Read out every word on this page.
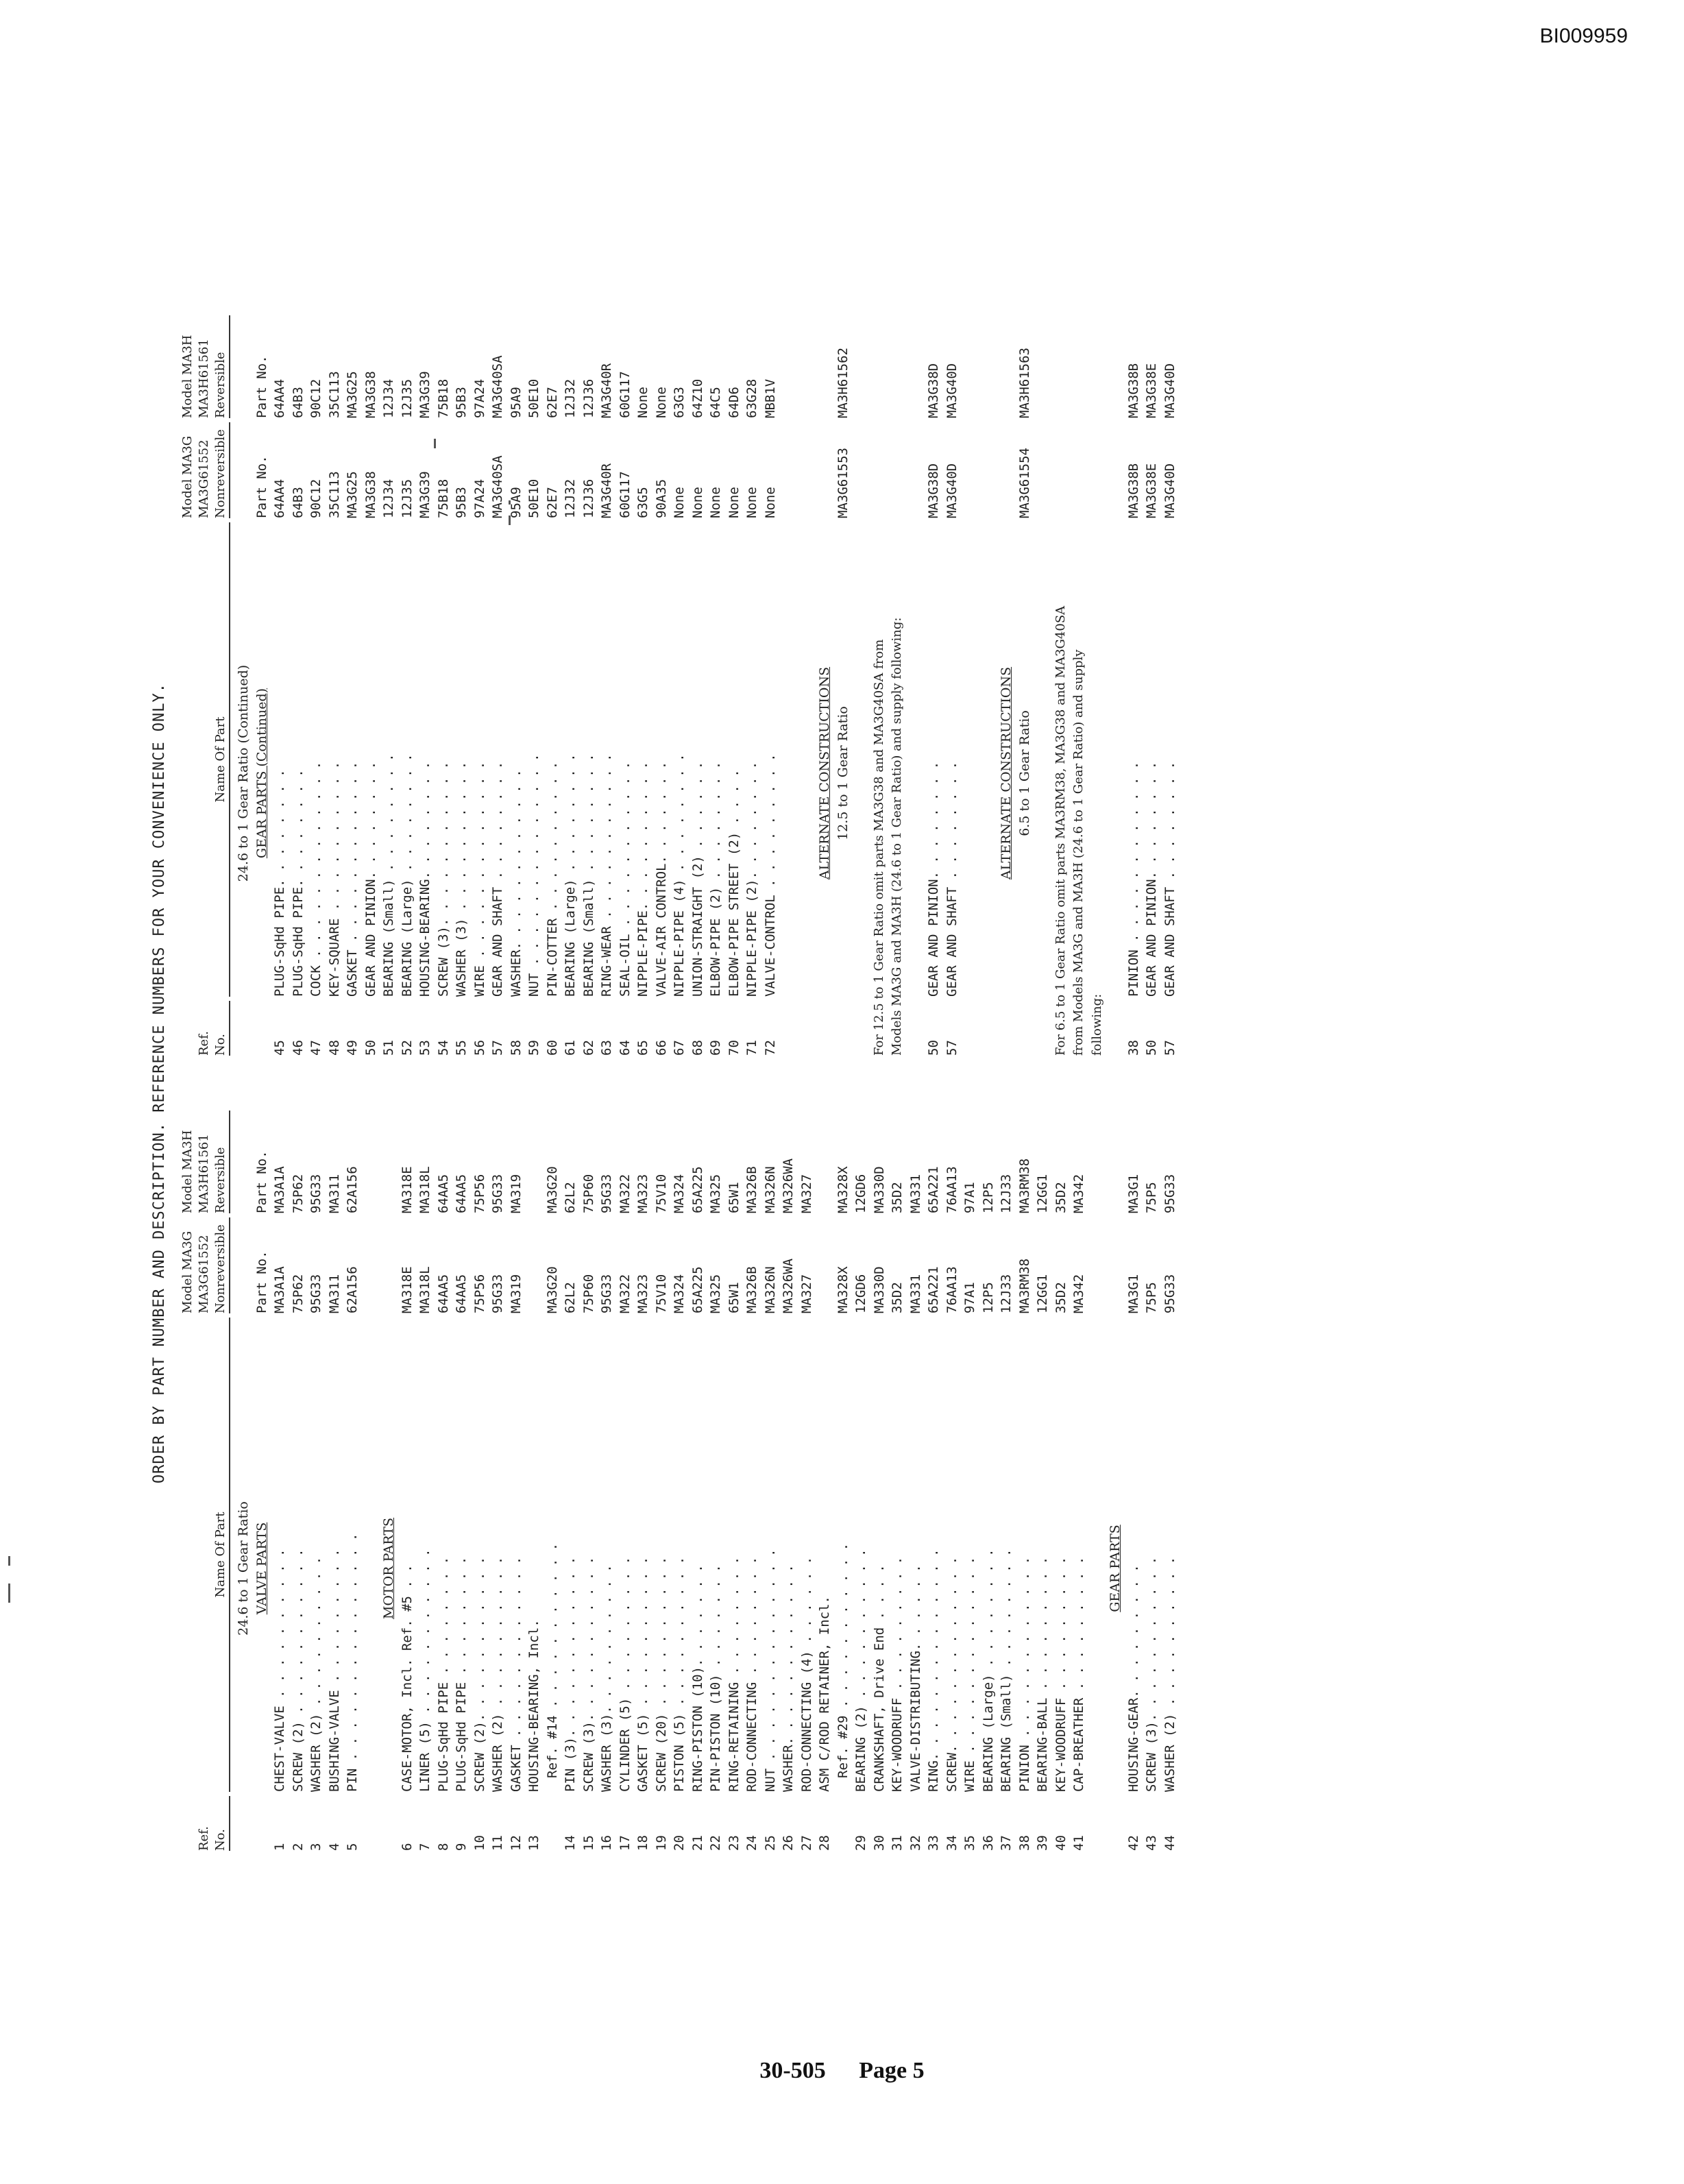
BI009959
ORDER BY PART NUMBER AND DESCRIPTION. REFERENCE NUMBERS FOR YOUR CONVENIENCE ONLY.
Ref. No.
Name Of Part
Model MA3G MA3G61552 Nonreversible
Model MA3H MA3H61561 Reversible
24.6 to 1 Gear Ratio VALVE PARTS
Part No.
Part No.
1
CHEST-VALVE . . . . . . . . . .
MA3A1A
MA3A1A
2
SCREW (2) . . . . . . . . . . .
75P62
75P62
3
WASHER (2) . . . . . . . . . .
95G33
95G33
4
BUSHING-VALVE . . . . . . . . .
MA311
MA311
5
PIN . . . . . . . . . . . . . . .
62A156
62A156
MOTOR PARTS
6
CASE-MOTOR, Incl. Ref. #5 . .
MA318E
MA318E
7
LINER (5) . . . . . . . . . . .
MA318L
MA318L
8
PLUG-SqHd PIPE . . . . . . . .
64AA5
64AA5
9
PLUG-SqHd PIPE . . . . . . . .
64AA5
64AA5
10
SCREW (2). . . . . . . . . . .
75P56
75P56
11
WASHER (2) . . . . . . . . . .
95G33
95G33
12
GASKET . . . . . . . . . . . .
MA319
MA319
13
HOUSING-BEARING, Incl. Ref. #14 . . . . . . . . . . .
MA3G20
MA3G20
14
PIN (3). . . . . . . . . . . .
62L2
62L2
15
SCREW (3). . . . . . . . . . .
75P60
75P60
16
WASHER (3). . . . . . . . . .
95G33
95G33
17
CYLINDER (5) . . . . . . . . .
MA322
MA322
18
GASKET (5) . . . . . . . . . .
MA323
MA323
19
SCREW (20) . . . . . . . . . .
75V10
75V10
20
PISTON (5) . . . . . . . . . .
MA324
MA324
21
RING-PISTON (10). . . . . . .
65A225
65A225
22
PIN-PISTON (10) . . . . . . .
MA325
MA325
23
RING-RETAINING . . . . . . . .
65W1
65W1
24
ROD-CONNECTING . . . . . . . .
MA326B
MA326B
25
NUT . . . . . . . . . . . . . .
MA326N
MA326N
26
WASHER. . . . . . . . . . . .
MA326WA
MA326WA
27
ROD-CONNECTING (4) . . . . . .
MA327
MA327
28
ASM C/ROD RETAINER, Incl. Ref. #29 . . . . . . . . . . .
MA328X
MA328X
29
BEARING (2) . . . . . . . . . .
12GD6
12GD6
30
CRANKSHAFT, Drive End . . . .
MA330D
MA330D
31
KEY-WOODRUFF . . . . . . . . .
35D2
35D2
32
VALVE-DISTRIBUTING. . . . . .
MA331
MA331
33
RING. . . . . . . . . . . . . .
65A221
65A221
34
SCREW. . . . . . . . . . . . .
76AA13
76AA13
35
WIRE . . . . . . . . . . . . .
97A1
97A1
36
BEARING (Large) . . . . . . . .
12P5
12P5
37
BEARING (Small) . . . . . . . .
12J33
12J33
38
PINION . . . . . . . . . . . .
MA3RM38
MA3RM38
39
BEARING-BALL . . . . . . . . .
12GG1
12GG1
40
KEY-WOODRUFF . . . . . . . . .
35D2
35D2
41
CAP-BREATHER . . . . . . . . .
MA342
MA342
GEAR PARTS
42
HOUSING-GEAR. . . . . . . . .
MA3G1
MA3G1
43
SCREW (3). . . . . . . . . . .
75P5
75P5
44
WASHER (2) . . . . . . . . . .
95G33
95G33
Ref. No.
Name Of Part
Model MA3G MA3G61552 Nonreversible
Model MA3H MA3H61561 Reversible
24.6 to 1 Gear Ratio (Continued) GEAR PARTS (Continued)
Part No.
Part No.
45
PLUG-SqHd PIPE. . . . . . . .
64AA4
64AA4
46
PLUG-SqHd PIPE. . . . . . . .
64B3
64B3
47
COCK . . . . . . . . . . . . .
90C12
90C12
48
KEY-SQUARE . . . . . . . . . .
35C113
35C113
49
GASKET . . . . . . . . . . . .
MA3G25
MA3G25
50
GEAR AND PINION. . . . . . . .
MA3G38
MA3G38
51
BEARING (Small) . . . . . . . .
12J34
12J34
52
BEARING (Large) . . . . . . . .
12J35
12J35
53
HOUSING-BEARING. . . . . . . .
MA3G39
MA3G39
54
SCREW (3). . . . . . . . . . .
75B18
75B18
55
WASHER (3) . . . . . . . . . .
95B3
95B3
56
WIRE . . . . . . . . . . . . .
97A24
97A24
57
GEAR AND SHAFT . . . . . . . .
MA3G40SA
MA3G40SA
58
WASHER. . . . . . . . . . . .
95A9
95A9
59
NUT . . . . . . . . . . . . . .
50E10
50E10
60
PIN-COTTER . . . . . . . . . .
62E7
62E7
61
BEARING (Large) . . . . . . . .
12J32
12J32
62
BEARING (Small) . . . . . . . .
12J36
12J36
63
RING-WEAR . . . . . . . . . . .
MA3G40R
MA3G40R
64
SEAL-OIL . . . . . . . . . . .
60G117
60G117
65
NIPPLE-PIPE. . . . . . . . . .
63G5
None
66
VALVE-AIR CONTROL. . . . . . .
90A35
None
67
NIPPLE-PIPE (4) . . . . . . . .
None
63G3
68
UNION-STRAIGHT (2) . . . . . .
None
64Z10
69
ELBOW-PIPE (2) . . . . . . . .
None
64C5
70
ELBOW-PIPE STREET (2) . . . .
None
64D6
71
NIPPLE-PIPE (2). . . . . . . .
None
63G28
72
VALVE-CONTROL . . . . . . . . .
None
MBB1V
ALTERNATE CONSTRUCTIONS 12.5 to 1 Gear Ratio
MA3G61553
MA3H61562
For 12.5 to 1 Gear Ratio omit parts MA3G38 and MA3G40SA from Models MA3G and MA3H (24.6 to 1 Gear Ratio) and supply following: 50
GEAR AND PINION. . . . . . . .
MA3G38D
MA3G38D
57
GEAR AND SHAFT . . . . . . . .
MA3G40D
MA3G40D
ALTERNATE CONSTRUCTIONS 6.5 to 1 Gear Ratio
MA3G61554
MA3H61563
For 6.5 to 1 Gear Ratio omit parts MA3RM38, MA3G38 and MA3G40SA from Models MA3G and MA3H (24.6 to 1 Gear Ratio) and supply following: 38
PINION . . . . . . . . . . . .
MA3G38B
MA3G38B
50
GEAR AND PINION. . . . . . . .
MA3G38E
MA3G38E
57
GEAR AND SHAFT . . . . . . . .
MA3G40D
MA3G40D
30-505 Page 5
